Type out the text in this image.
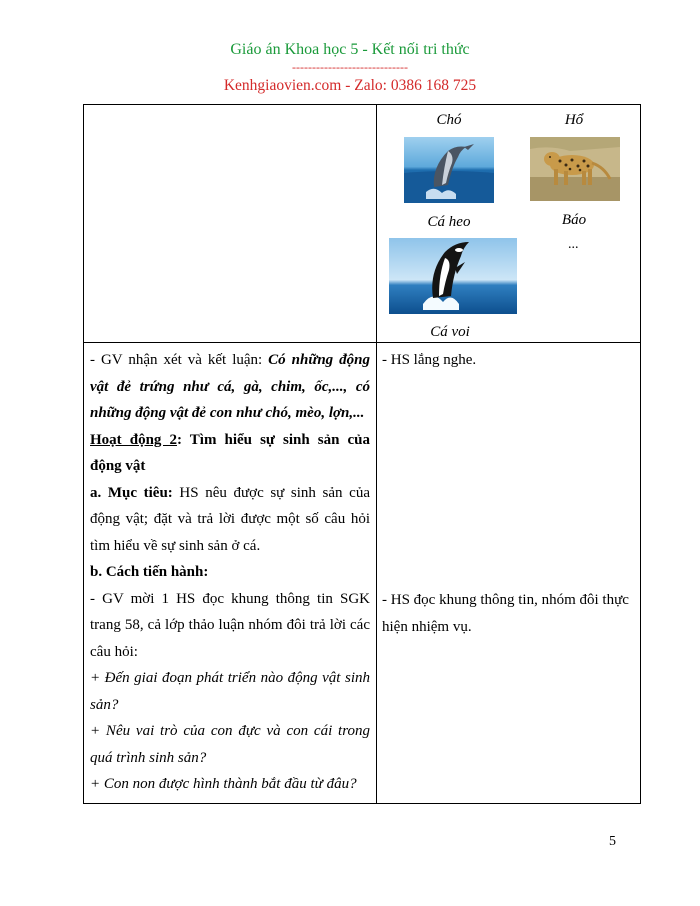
Giáo án Khoa học 5 - Kết nối tri thức
-----------------------------
Kenhgiaovien.com - Zalo: 0386 168 725
Chó	Hổ
Cá heo	Báo
...
Cá voi

- GV nhận xét và kết luận: Có những động vật đẻ trứng như cá, gà, chim, ốc,..., có những động vật đẻ con như chó, mèo, lợn,...

Hoạt động 2: Tìm hiểu sự sinh sản của động vật

a. Mục tiêu: HS nêu được sự sinh sản của động vật; đặt và trả lời được một số câu hỏi tìm hiểu về sự sinh sản ở cá.

b. Cách tiến hành:

- GV mời 1 HS đọc khung thông tin SGK trang 58, cả lớp thảo luận nhóm đôi trả lời các câu hỏi:

+ Đến giai đoạn phát triển nào động vật sinh sản?

+ Nêu vai trò của con đực và con cái trong quá trình sinh sản?

+ Con non được hình thành bắt đầu từ đâu?

- HS lắng nghe.
- HS đọc khung thông tin, nhóm đôi thực hiện nhiệm vụ.
5
